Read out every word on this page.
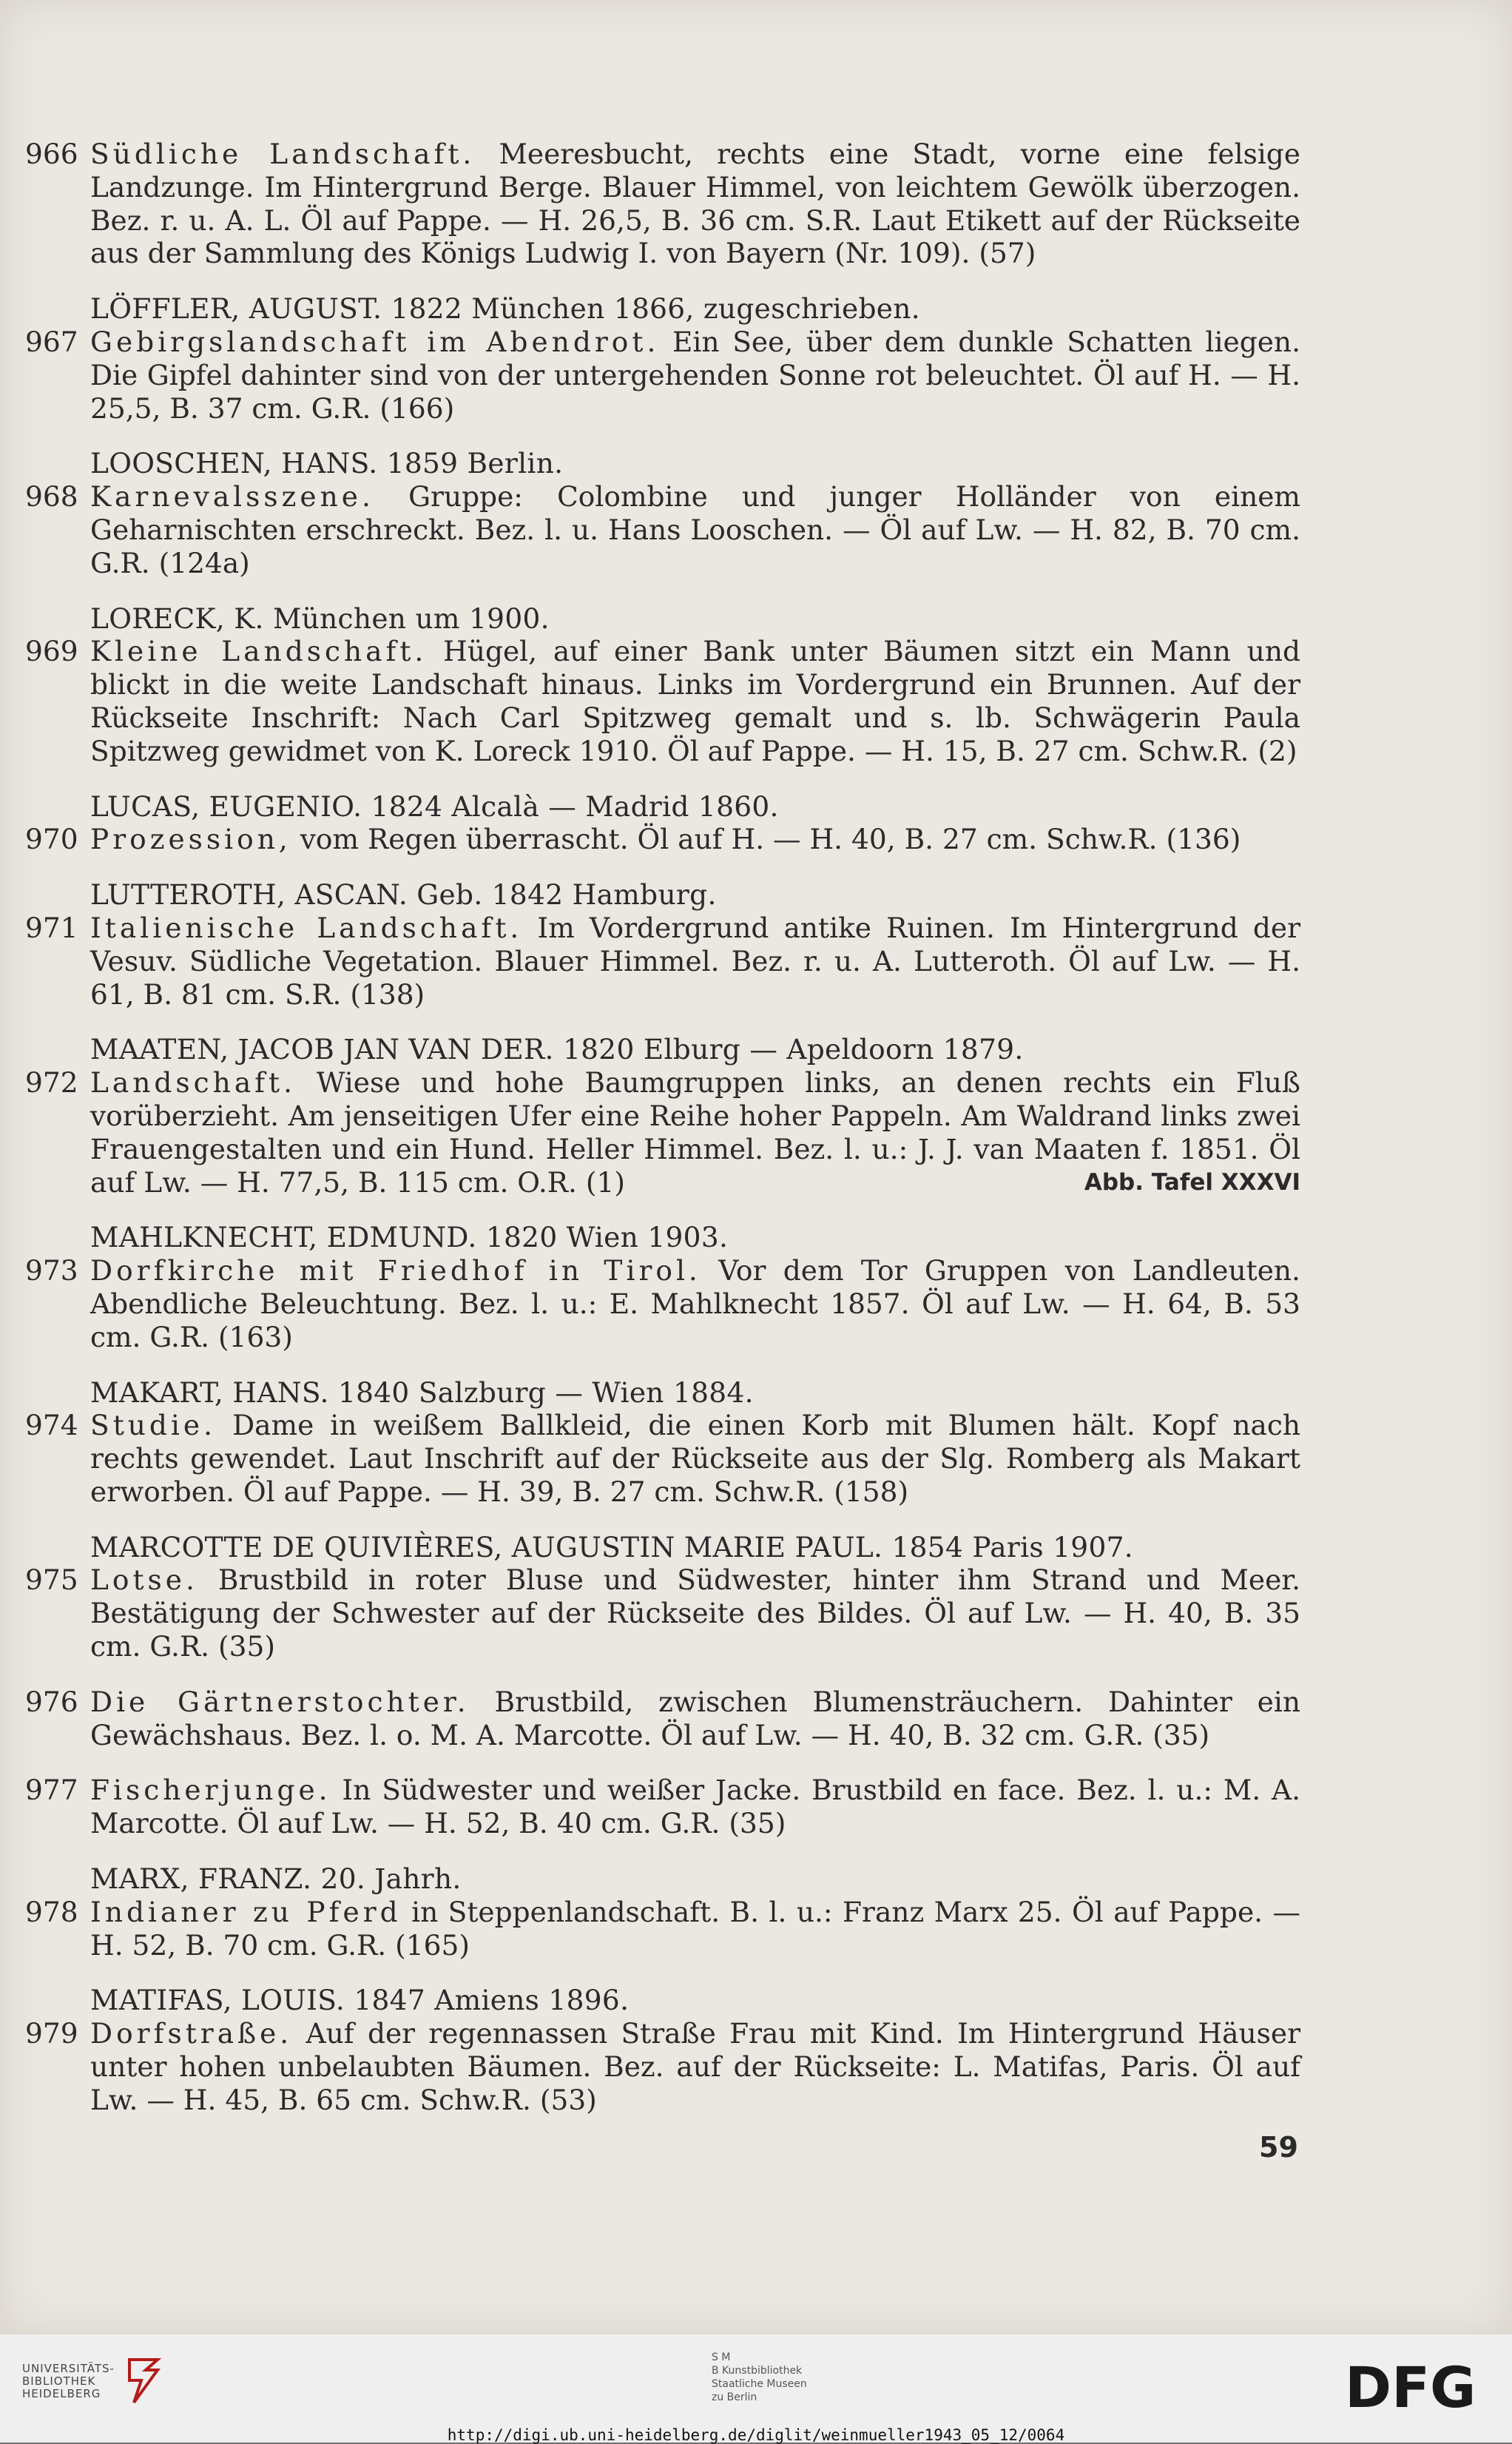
966 Südliche Landschaft. Meeresbucht, rechts eine Stadt, vorne eine felsige Landzunge. Im Hintergrund Berge. Blauer Himmel, von leichtem Gewölk überzogen. Bez. r. u. A. L. Öl auf Pappe. — H. 26,5, B. 36 cm. S.R. Laut Etikett auf der Rückseite aus der Sammlung des Königs Ludwig I. von Bayern (Nr. 109). (57)
LÖFFLER, AUGUST. 1822 München 1866, zugeschrieben.
967 Gebirgslandschaft im Abendrot. Ein See, über dem dunkle Schatten liegen. Die Gipfel dahinter sind von der untergehenden Sonne rot beleuchtet. Öl auf H. — H. 25,5, B. 37 cm. G.R. (166)
LOOSCHEN, HANS. 1859 Berlin.
968 Karnevalsszene. Gruppe: Colombine und junger Holländer von einem Geharnischten erschreckt. Bez. l. u. Hans Looschen. — Öl auf Lw. — H. 82, B. 70 cm. G.R. (124a)
LORECK, K. München um 1900.
969 Kleine Landschaft. Hügel, auf einer Bank unter Bäumen sitzt ein Mann und blickt in die weite Landschaft hinaus. Links im Vordergrund ein Brunnen. Auf der Rückseite Inschrift: Nach Carl Spitzweg gemalt und s. lb. Schwägerin Paula Spitzweg gewidmet von K. Loreck 1910. Öl auf Pappe. — H. 15, B. 27 cm. Schw.R. (2)
LUCAS, EUGENIO. 1824 Alcalà — Madrid 1860.
970 Prozession, vom Regen überrascht. Öl auf H. — H. 40, B. 27 cm. Schw.R. (136)
LUTTEROTH, ASCAN. Geb. 1842 Hamburg.
971 Italienische Landschaft. Im Vordergrund antike Ruinen. Im Hintergrund der Vesuv. Südliche Vegetation. Blauer Himmel. Bez. r. u. A. Lutteroth. Öl auf Lw. — H. 61, B. 81 cm. S.R. (138)
MAATEN, JACOB JAN VAN DER. 1820 Elburg — Apeldoorn 1879.
972 Landschaft. Wiese und hohe Baumgruppen links, an denen rechts ein Fluß vorüberzieht. Am jenseitigen Ufer eine Reihe hoher Pappeln. Am Waldrand links zwei Frauengestalten und ein Hund. Heller Himmel. Bez. l. u.: J. J. van Maaten f. 1851. Öl auf Lw. — H. 77,5, B. 115 cm. O.R. (1)	Abb. Tafel XXXVI
MAHLKNECHT, EDMUND. 1820 Wien 1903.
973 Dorfkirche mit Friedhof in Tirol. Vor dem Tor Gruppen von Landleuten. Abendliche Beleuchtung. Bez. l. u.: E. Mahlknecht 1857. Öl auf Lw. — H. 64, B. 53 cm. G.R. (163)
MAKART, HANS. 1840 Salzburg — Wien 1884.
974 Studie. Dame in weißem Ballkleid, die einen Korb mit Blumen hält. Kopf nach rechts gewendet. Laut Inschrift auf der Rückseite aus der Slg. Romberg als Makart erworben. Öl auf Pappe. — H. 39, B. 27 cm. Schw.R. (158)
MARCOTTE DE QUIVIÈRES, AUGUSTIN MARIE PAUL. 1854 Paris 1907.
975 Lotse. Brustbild in roter Bluse und Südwester, hinter ihm Strand und Meer. Bestätigung der Schwester auf der Rückseite des Bildes. Öl auf Lw. — H. 40, B. 35 cm. G.R. (35)
976 Die Gärtnerstochter. Brustbild, zwischen Blumensträuchern. Dahinter ein Gewächshaus. Bez. l. o. M. A. Marcotte. Öl auf Lw. — H. 40, B. 32 cm. G.R. (35)
977 Fischerjunge. In Südwester und weißer Jacke. Brustbild en face. Bez. l. u.: M. A. Marcotte. Öl auf Lw. — H. 52, B. 40 cm. G.R. (35)
MARX, FRANZ. 20. Jahrh.
978 Indianer zu Pferd in Steppenlandschaft. B. l. u.: Franz Marx 25. Öl auf Pappe. — H. 52, B. 70 cm. G.R. (165)
MATIFAS, LOUIS. 1847 Amiens 1896.
979 Dorfstraße. Auf der regennassen Straße Frau mit Kind. Im Hintergrund Häuser unter hohen unbelaubten Bäumen. Bez. auf der Rückseite: L. Matifas, Paris. Öl auf Lw. — H. 45, B. 65 cm. Schw.R. (53)
59
UNIVERSITÄTS-
BIBLIOTHEK
HEIDELBERG
S M
B Kunstbibliothek
Staatliche Museen
zu Berlin	DFG
http://digi.ub.uni-heidelberg.de/diglit/weinmueller1943_05_12/0064
